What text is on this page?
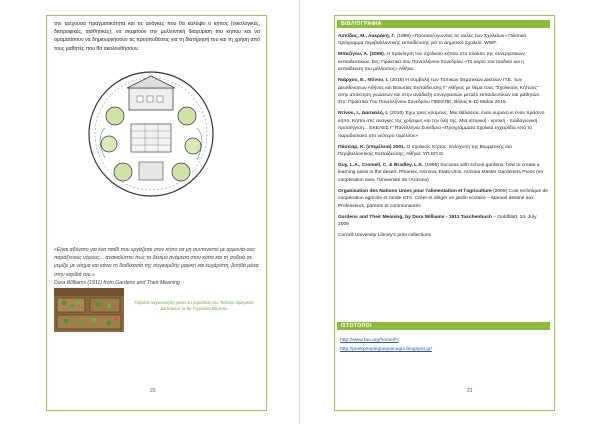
την τρέχουσα πραγματικότητα και τις ανάγκες που θα καλύψει ο κήπος (οικολογικές, διατροφικές, αισθητικές), να σκεφτούν την μελλοντική διαχείριση του κήπου και να οραματίσουν να δημιουργήσουν τις προϋποθέσεις για τη διατήρησή του και τη χρήση από τους μαθητές που θα ακολουθήσουν.
«Είναι αδύνατο για ένα παιδί που εργάζεται στον κήπο να μη συντονιστεί με αρμονία-ους παράξενους νόμους... ανακαλύπτει πως το δέσιμο ανάμεσα στον κόπο και τη σοδειά σε γεμίζει με νόημα και κάνει τη διαδικασία της συγκομιδής μαγική και ευχάριστη, βοηθά μέσα στην καρδιά του.»
Dora Williams (1911) from Gardens and Their Meaning
Γαϊμάτα λαχανοκήπη γιατα 1ο γυμνάσιο του Τσίπιου Ωμεγικού Δικτυακού το 6ο Γυμνάσιο Βόρειου
20
ΒΙΒΛΙΟΓΡΑΦΙΑ
Ασκίδας, Μ., Λυκράκη, Γ. (1999) «Προσανζύγωντας τις αυλές των Σχολείων» Πιλοτικό πρόγραμμα περιβαλλοντικής εκπαίδευσης για το Δημοτικό Σχολείο. WWF.
Μπαζίγου, Α. (2009). Η πρόκληση του σχολικού κήπου στο πλαίσιο της συνεργατικών εκπαιδευτικών. Εις: Πρακτικά 4ου Πανελλήνιου Συνεδρίου «Το αύριο του παιδιού και η εκπαίδευση του μέλλοντος» Αθήνα.
Νιάρχου, Ε., Ντίνου, Ι. (2015) Η συμβολή των Τοπικών Θεματικών Δικτύων Π.Ε. των Διευθύνσεων Αθήνας και Βοιωτίας Εκπαίδευσης Γ' Αθήνας με θέμα τους "Σχολικούς Κήπους" στην απόκτηση γνώσεων και στην ανάδειξη συνεργασιών μεταξύ εκπαιδευτικών και μαθητών. Στο: Πρακτικά 7ου Πανελλήνιου Συνεδρίου ΠΕΕΚΠΕ, Βόλος 8-10 Μαΐου 2015.
Ντίνου, Ι., Δασκαλή, Ι. (2016) Έχω τρεις κόσμους. Μια θάλασσα, έναν ουρανό κι έναν πράσινο κήπο. Κήποι στις ανάγκες της χρήσιμες και την ύλη της. Μια ιστορική - κριτική - παιδαγωγική προσέγγιση... ΕΚΕΛΕΣ Γ' Πανελλήνια Συνέδριο «Προγράμματα Σχολικά εγχειρίδια Από το παραδοσιακό στο νεότερο τομέλλον»
Πάσσαρ, Κ. (επιμέλεια) 2001. Ο σχολικός Κήπος. Ενίσχυση της Βιωματικής και Περιβαλλοντικής Εκπαίδευσης. Αθήνα: ΥΠ.ΕΠ.Θ.
Guy, L.A., Cromell, C. & Bradley, L.K. (1996) Success with school gardens: how to create a learning oasis in the desert. Phoenix, Arizona, Etats-Unis, Arizona Master Gardeners Press (en coopération avec l'Université de l'Arizona)
Organisation des Nations Unies pour l'alimentation et l'agriculture (2009) Cost technique de coopération agricole et rurale CTA. Créer et diriger un jardin scolaire – Manuel destiné aux Professeurs, parents et communautés
Gardens and Their Meaning, by Dora Williams - 1911 Taschenbuch – Goldblatt, 24. July 2009
Cornell University Library's print collections
ΙΣΤΟΤΟΠΟΙ
http://www.fao.org/home/fr/
http://peekpeeplegiaspainagia.blogspot.gr/
21
